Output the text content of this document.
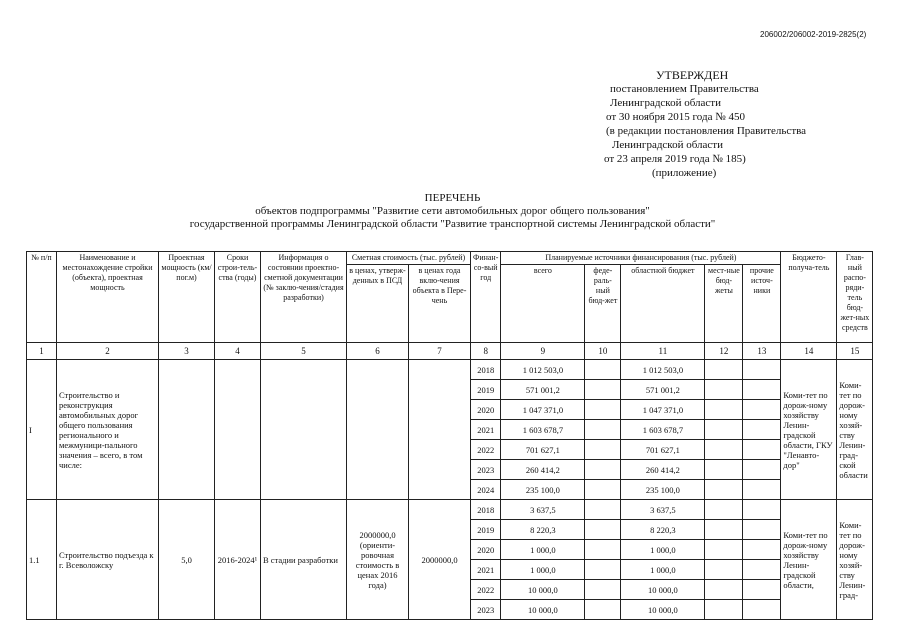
206002/206002-2019-2825(2)
УТВЕРЖДЕН
постановлением Правительства
Ленинградской области
от 30 ноября 2015 года № 450
(в редакции постановления Правительства
Ленинградской области
от 23 апреля 2019 года № 185)
(приложение)
ПЕРЕЧЕНЬ
объектов подпрограммы "Развитие сети автомобильных дорог общего пользования"
государственной программы Ленинградской области "Развитие транспортной системы Ленинградской области"
№ п/п	Наименование и местонахождение стройки (объекта), проектная мощность	Проектная мощность (км/пог.м)	Сроки строи-тель-ства (годы)	Информация о состоянии проектно-сметной документации (№ заклю-чения/стадия разработки)	Сметная стоимость (тыс. рублей)		Финан-со-вый год	Планируемые источники финансирования (тыс. рублей)					Бюджето-получа-тель	Глав-ный распо-ряди-тель бюд-жет-ных средств
					в ценах, утверж-денных в ПСД	в ценах года вклю-чения объекта в Пере-чень		всего	феде-раль-ный бюд-жет	областной бюджет	мест-ные бюд-жеты	прочие источ-ники		
1	2	3	4	5	6	7	8	9	10	11	12	13	14	15
I	Строительство и реконструкция автомобильных дорог общего пользования регионального и межмуници-пального значения – всего, в том числе:						2018	1 012 503,0		1 012 503,0			Коми-тет по дорож-ному хозяйству Ленин-градской области, ГКУ "Ленавто-дор"	Коми-тет по дорож-ному хозяй-ству Ленин-град-ской области
							2019	571 001,2		571 001,2				
							2020	1 047 371,0		1 047 371,0				
							2021	1 603 678,7		1 603 678,7				
							2022	701 627,1		701 627,1				
							2023	260 414,2		260 414,2				
							2024	235 100,0		235 100,0				
1.1	Строительство подъезда к г. Всеволожску	5,0	2016-2024¹	В стадии разработки	2000000,0 (ориенти-ровочная стоимость в ценах 2016 года)	2000000,0	2018	3 637,5		3 637,5			Коми-тет по дорож-ному хозяйству Ленин-градской области,	Коми-тет по дорож-ному хозяй-ству Ленин-град-
							2019	8 220,3		8 220,3				
							2020	1 000,0		1 000,0				
							2021	1 000,0		1 000,0				
							2022	10 000,0		10 000,0				
							2023	10 000,0		10 000,0				
